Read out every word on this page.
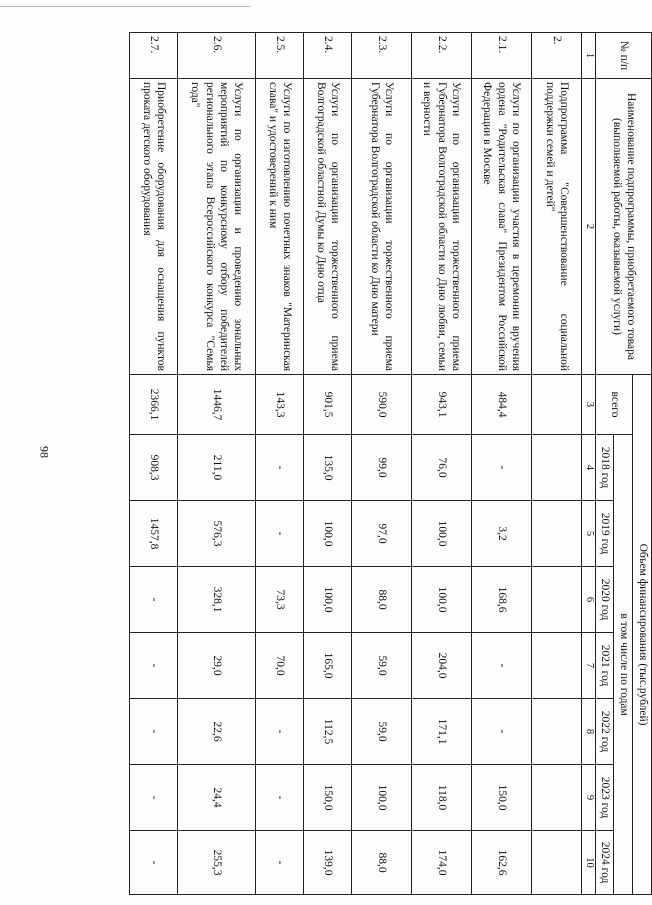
98
№ п/п	Наименование подпрограммы, приобретаемого товара (выполняемой работы, оказываемой услуги)	Объем финансирования (тыс.рублей)							
		всего	в том числе по годам						
			2018 год	2019 год	2020 год	2021 год	2022 год	2023 год	2024 год
1	2	3	4	5	6	7	8	9	10
2.	Подпрограмма "Совершенствование социальной поддержки семей и детей"								
2.1.	Услуги по организации участия в церемонии вручения ордена "Родительская слава" Президентом Российской Федерации в Москве	484,4	-	3,2	168,6	-	-	150,0	162,6
2.2.	Услуги по организации торжественного приема Губернатора Волгоградской области ко Дню любви, семьи и верности	943,1	76,0	100,0	100,0	204,0	171,1	118,0	174,0
2.3.	Услуги по организации торжественного приема Губернатора Волгоградской области ко Дню матери	590,0	99,0	97,0	88,0	59,0	59,0	100,0	88,0
2.4.	Услуги по организации торжественного приема Волгоградской областной Думы ко Дню отца	901,5	135,0	100,0	100,0	165,0	112,5	150,0	139,0
2.5.	Услуги по изготовлению почетных знаков "Материнская слава" и удостоверений к ним	143,3	-	-	73,3	70,0	-	-	-
2.6.	Услуги по организации и проведению зональных мероприятий по конкурсному отбору победителей регионального этапа Всероссийского конкурса "Семья года"	1446,7	211,0	576,3	328,1	29,0	22,6	24,4	255,3
2.7.	Приобретение оборудования для оснащения пунктов проката детского оборудования	2366,1	908,3	1457,8	-	-	-	-	-
